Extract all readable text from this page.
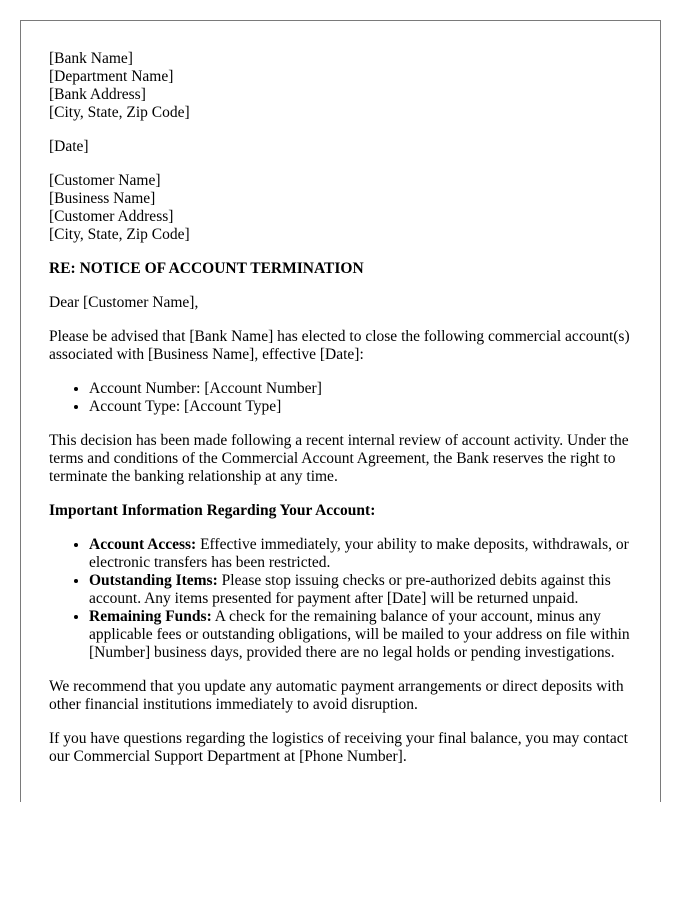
[Bank Name]
[Department Name]
[Bank Address]
[City, State, Zip Code]
[Date]
[Customer Name]
[Business Name]
[Customer Address]
[City, State, Zip Code]
RE: NOTICE OF ACCOUNT TERMINATION

Dear [Customer Name],

Please be advised that [Bank Name] has elected to close the following commercial account(s) associated with [Business Name], effective [Date]:

• Account Number: [Account Number]
• Account Type: [Account Type]

This decision has been made following a recent internal review of account activity. Under the terms and conditions of the Commercial Account Agreement, the Bank reserves the right to terminate the banking relationship at any time.

Important Information Regarding Your Account:
• Account Access: Effective immediately, your ability to make deposits, withdrawals, or electronic transfers has been restricted.
• Outstanding Items: Please stop issuing checks or pre-authorized debits against this account. Any items presented for payment after [Date] will be returned unpaid.
• Remaining Funds: A check for the remaining balance of your account, minus any applicable fees or outstanding obligations, will be mailed to your address on file within [Number] business days, provided there are no legal holds or pending investigations.

We recommend that you update any automatic payment arrangements or direct deposits with other financial institutions immediately to avoid disruption.

If you have questions regarding the logistics of receiving your final balance, you may contact our Commercial Support Department at [Phone Number].
